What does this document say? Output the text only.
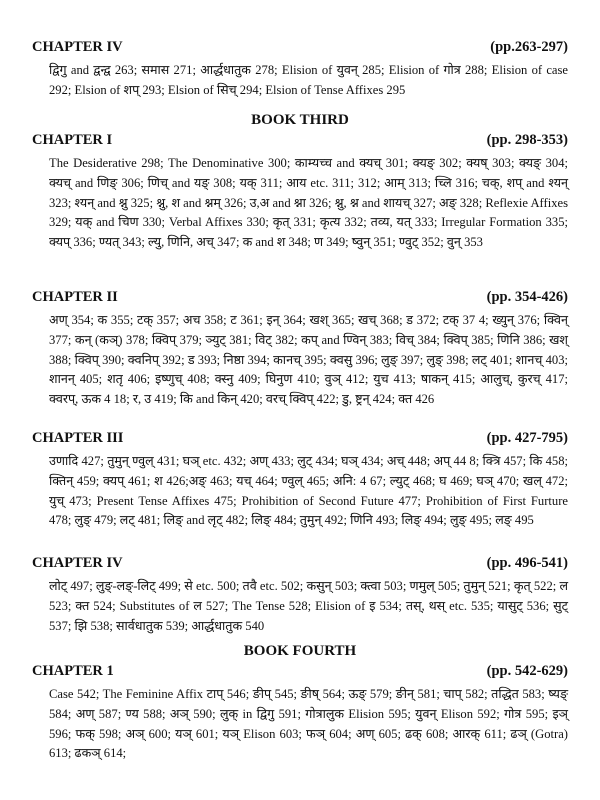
CHAPTER IV	(pp.263-297)

द्विगु and द्वन्द्व 263; समास 271; आर्द्धधातुक 278; Elision of युवन् 285; Elision of गोत्र 288; Elision of case 292; Elsion of शप् 293; Elsion of सिच् 294; Elsion of Tense Affixes 295

BOOK THIRD
CHAPTER I	(pp. 298-353)

The Desiderative 298; The Denominative 300; काम्यच्च and क्यच् 301; क्यङ् 302; क्यष् 303; क्यङ् 304; क्यच् and णिङ् 306; णिच् and यङ् 308; यक् 311; आय etc. 311; 312; आम् 313; च्लि 316; चक्, शप् and श्यन् 323; श्यन् and श्नु 325; श्नु, श and श्नम् 326; उ,अ and श्ना 326; श्नु, श्न and शायच् 327; अङ् 328; Reflexie Affixes 329; यक् and चिण 330; Verbal Affixes 330; कृत् 331; कृत्य 332; तव्य, यत् 333; Irregular Formation 335; क्यप् 336; ण्यत् 343; ल्यु, णिनि, अच् 347; क and श 348; ण 349; ष्वुन् 351; ण्वुट् 352; वुन् 353

CHAPTER II	(pp. 354-426)

अण् 354; क 355; टक् 357; अच 358; ट 361; इन् 364; खश् 365; खच् 368; ड 372; टक् 37 4; ख्युन् 376; क्विन् 377; कन् (कञ्) 378; क्विप् 379; ञ्युट् 381; विट् 382; कप् and ण्विन् 383; विच् 384; क्विप् 385; णिनि 386; खश् 388; क्विप् 390; क्वनिप् 392; ड 393; निष्ठा 394; कानच् 395; क्वसु 396; लुङ् 397; लुङ् 398; लट् 401; शानच् 403; शानन् 405; शतृ 406; इष्णुच् 408; क्स्नु 409; घिनुण 410; वुञ् 412; युच 413; षाकन् 415; आलुच्, कुरच् 417; क्वरप्, ऊक 4 18; र, उ 419; कि and किन् 420; वरच् क्विप् 422; डु, ष्ट्रन् 424; क्त 426

CHAPTER III	(pp. 427-795)

उणादि 427; तुमुन् ण्वुल् 431; घञ् etc. 432; अण् 433; लुट् 434; घञ् 434; अच् 448; अप् 44 8; क्त्रि 457; कि 458; क्तिन् 459; क्यप् 461; श 426;अङ् 463; यच् 464; ण्वुल् 465; अनि: 4 67; ल्युट् 468; घ 469; घञ् 470; खल् 472; युच् 473; Present Tense Affixes 475; Prohibition of Second Future 477; Prohibition of First Furture 478; लुङ् 479; लट् 481; लिङ् and लृट् 482; लिङ् 484; तुमुन् 492; णिनि 493; लिङ् 494; लुङ् 495; लङ् 495

CHAPTER IV	(pp. 496-541)

लोट् 497; लुङ्-लङ्-लिट् 499; से etc. 500; तवै etc. 502; कसुन् 503; क्त्वा 503; णमुल् 505; तुमुन् 521; कृत् 522; ल 523; क्त 524; Substitutes of ल 527; The Tense 528; Elision of इ 534; तस्, थस् etc. 535; यासुट् 536; सुट् 537; झि 538; सार्वधातुक 539; आर्द्धधातुक 540

BOOK FOURTH
CHAPTER 1	(pp. 542-629)

Case 542; The Feminine Affix टाप् 546; ङीप् 545; ङीष् 564; ऊङ् 579; ङीन् 581; चाप् 582; तद्धित 583; ष्यङ् 584; अण् 587; ण्य 588; अञ् 590; लुक् in द्विगु 591; गोत्रालुक Elision 595; युवन् Elison 592; गोत्र 595; इञ् 596; फक् 598; अञ् 600; यञ् 601; यञ् Elison 603; फञ् 604; अण् 605; ढक् 608; आरक् 611; ढञ् (Gotra) 613; ढकञ् 614;
